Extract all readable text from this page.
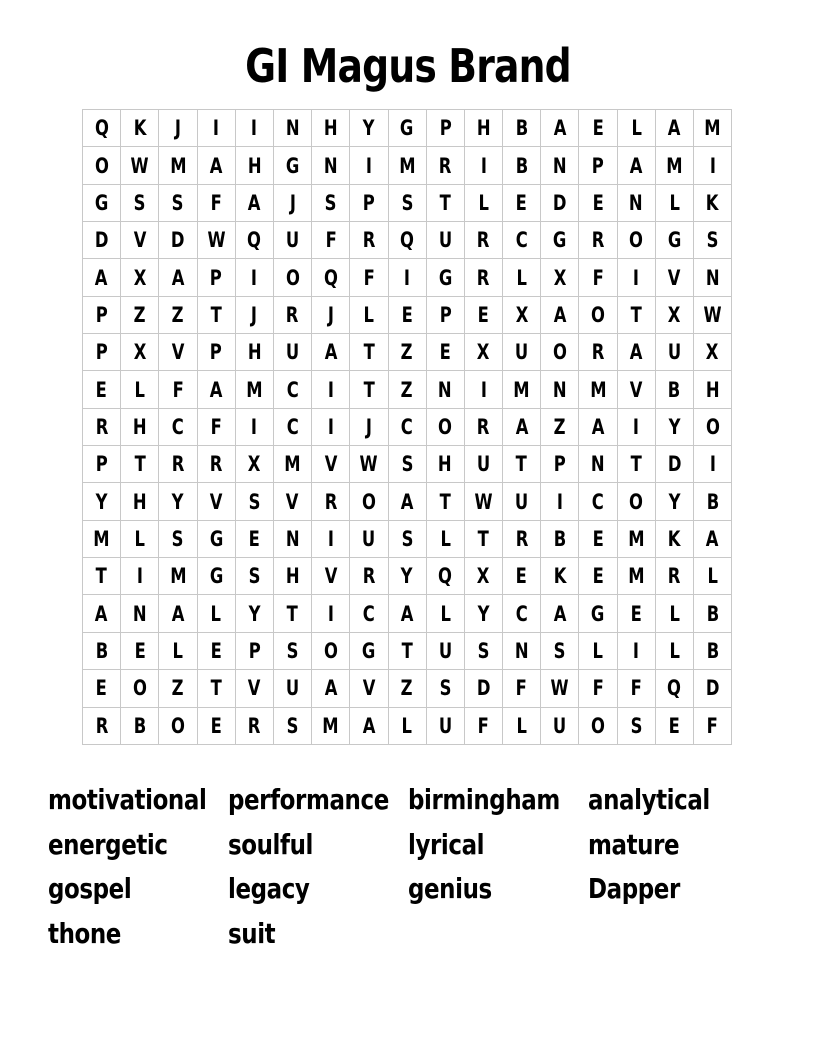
GI Magus Brand
Q	K	J	I	I	N	H	Y	G	P	H	B	A	E	L	A	M
O	W	M	A	H	G	N	I	M	R	I	B	N	P	A	M	I
G	S	S	F	A	J	S	P	S	T	L	E	D	E	N	L	K
D	V	D	W	Q	U	F	R	Q	U	R	C	G	R	O	G	S
A	X	A	P	I	O	Q	F	I	G	R	L	X	F	I	V	N
P	Z	Z	T	J	R	J	L	E	P	E	X	A	O	T	X	W
P	X	V	P	H	U	A	T	Z	E	X	U	O	R	A	U	X
E	L	F	A	M	C	I	T	Z	N	I	M	N	M	V	B	H
R	H	C	F	I	C	I	J	C	O	R	A	Z	A	I	Y	O
P	T	R	R	X	M	V	W	S	H	U	T	P	N	T	D	I
Y	H	Y	V	S	V	R	O	A	T	W	U	I	C	O	Y	B
M	L	S	G	E	N	I	U	S	L	T	R	B	E	M	K	A
T	I	M	G	S	H	V	R	Y	Q	X	E	K	E	M	R	L
A	N	A	L	Y	T	I	C	A	L	Y	C	A	G	E	L	B
B	E	L	E	P	S	O	G	T	U	S	N	S	L	I	L	B
E	O	Z	T	V	U	A	V	Z	S	D	F	W	F	F	Q	D
R	B	O	E	R	S	M	A	L	U	F	L	U	O	S	E	F
motivational performance birmingham analytical
energetic	soulful	lyrical	mature
gospel	legacy	genius	Dapper
thone	suit
